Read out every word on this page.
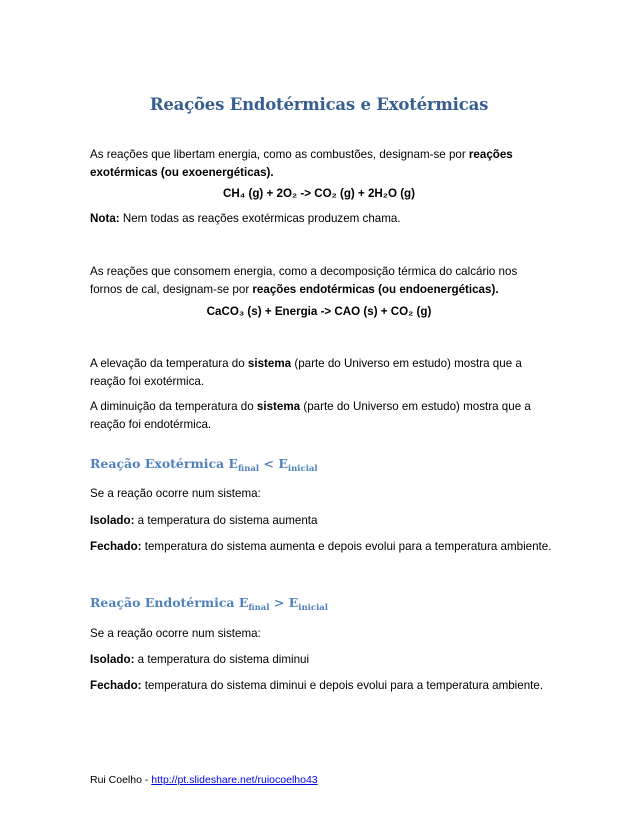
Reações Endotérmicas e Exotérmicas
As reações que libertam energia, como as combustões, designam-se por reações exotérmicas (ou exoenergéticas).
CH₄ (g) + 2O₂ -> CO₂ (g) + 2H₂O (g)
Nota: Nem todas as reações exotérmicas produzem chama.
As reações que consomem energia, como a decomposição térmica do calcário nos fornos de cal, designam-se por reações endotérmicas (ou endoenergéticas).
CaCO₃ (s) + Energia -> CAO (s) + CO₂ (g)
A elevação da temperatura do sistema (parte do Universo em estudo) mostra que a reação foi exotérmica.
A diminuição da temperatura do sistema (parte do Universo em estudo) mostra que a reação foi endotérmica.
Reação Exotérmica $E_{final} < E_{inicial}$
Se a reação ocorre num sistema:
Isolado: a temperatura do sistema aumenta
Fechado: temperatura do sistema aumenta e depois evolui para a temperatura ambiente.
Reação Endotérmica $E_{final} > E_{inicial}$
Se a reação ocorre num sistema:
Isolado: a temperatura do sistema diminui
Fechado: temperatura do sistema diminui e depois evolui para a temperatura ambiente.
Rui Coelho - http://pt.slideshare.net/ruiocoelho43
